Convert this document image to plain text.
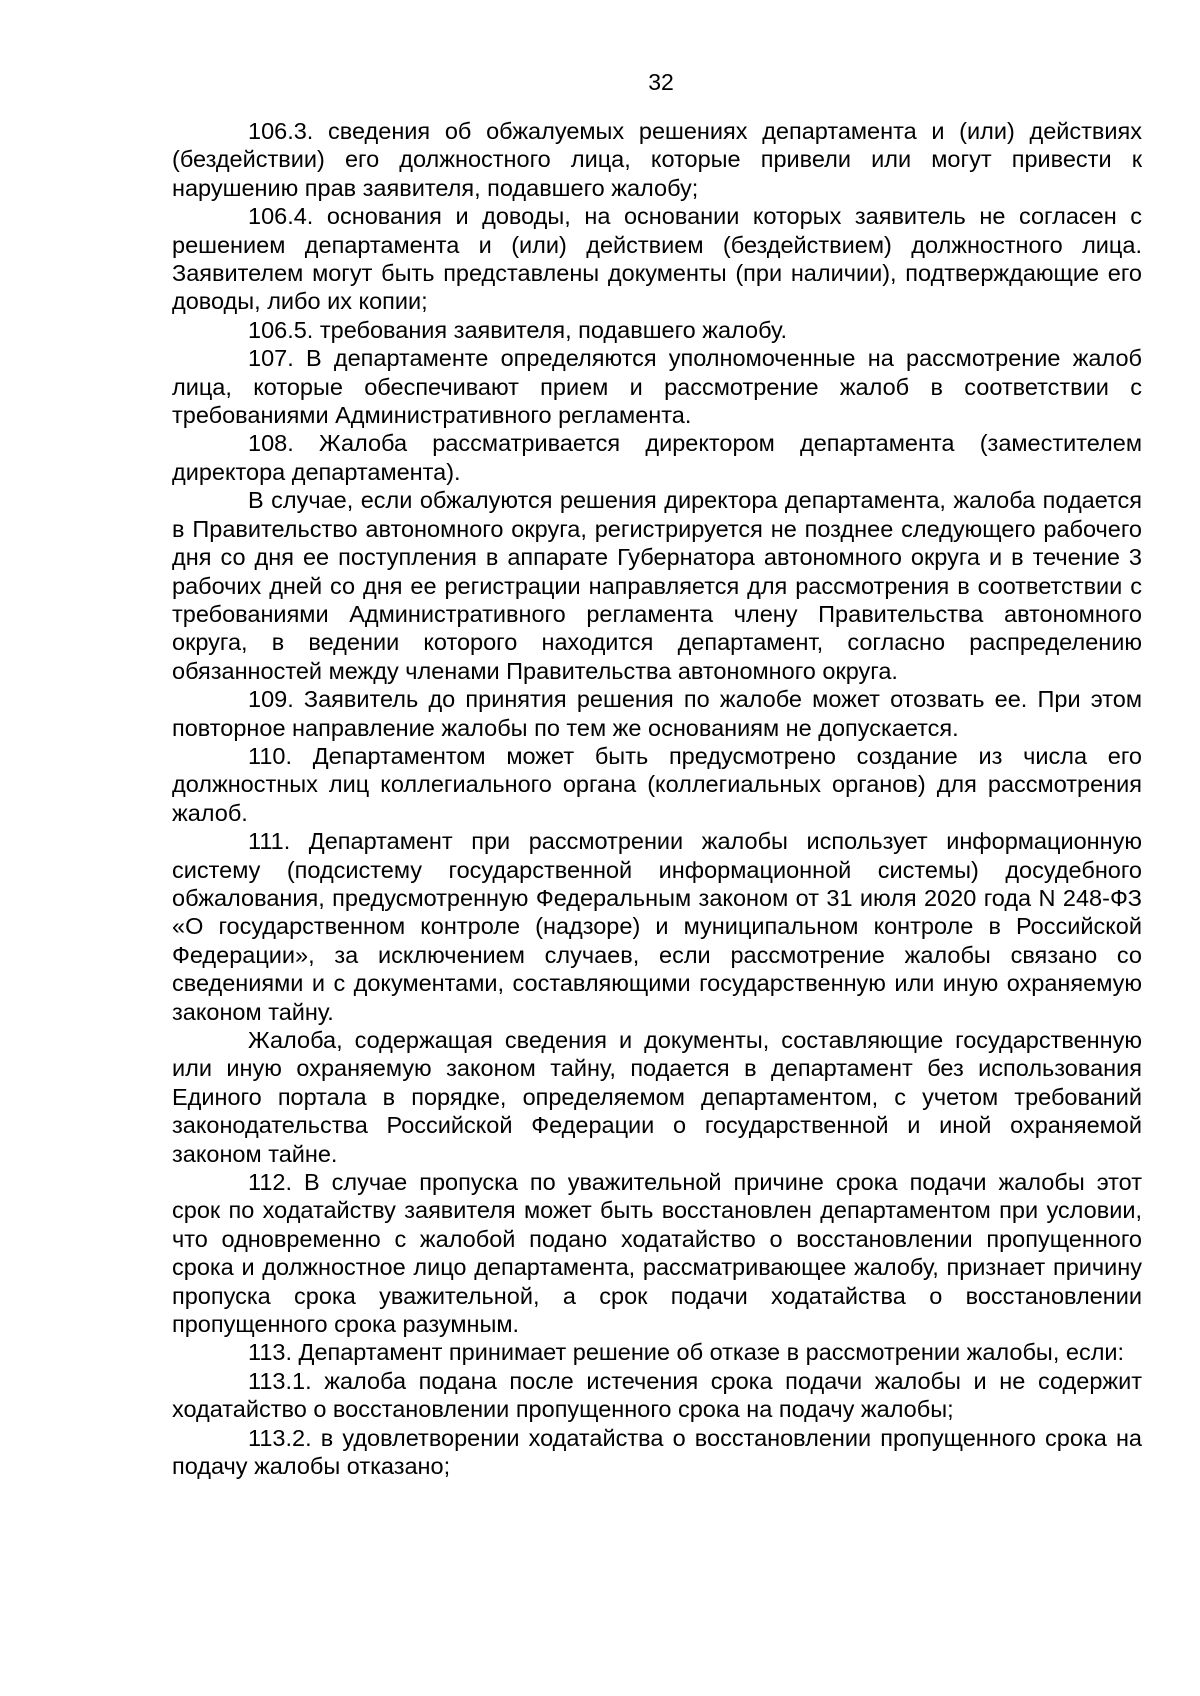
32

106.3. сведения об обжалуемых решениях департамента и (или) действиях (бездействии) его должностного лица, которые привели или могут привести к нарушению прав заявителя, подавшего жалобу;

106.4. основания и доводы, на основании которых заявитель не согласен с решением департамента и (или) действием (бездействием) должностного лица. Заявителем могут быть представлены документы (при наличии), подтверждающие его доводы, либо их копии;

106.5. требования заявителя, подавшего жалобу.

107. В департаменте определяются уполномоченные на рассмотрение жалоб лица, которые обеспечивают прием и рассмотрение жалоб в соответствии с требованиями Административного регламента.

108. Жалоба рассматривается директором департамента (заместителем директора департамента).

В случае, если обжалуются решения директора департамента, жалоба подается в Правительство автономного округа, регистрируется не позднее следующего рабочего дня со дня ее поступления в аппарате Губернатора автономного округа и в течение 3 рабочих дней со дня ее регистрации направляется для рассмотрения в соответствии с требованиями Административного регламента члену Правительства автономного округа, в ведении которого находится департамент, согласно распределению обязанностей между членами Правительства автономного округа.

109. Заявитель до принятия решения по жалобе может отозвать ее. При этом повторное направление жалобы по тем же основаниям не допускается.

110. Департаментом может быть предусмотрено создание из числа его должностных лиц коллегиального органа (коллегиальных органов) для рассмотрения жалоб.

111. Департамент при рассмотрении жалобы использует информационную систему (подсистему государственной информационной системы) досудебного обжалования, предусмотренную Федеральным законом от 31 июля 2020 года N 248-ФЗ «О государственном контроле (надзоре) и муниципальном контроле в Российской Федерации», за исключением случаев, если рассмотрение жалобы связано со сведениями и с документами, составляющими государственную или иную охраняемую законом тайну.

Жалоба, содержащая сведения и документы, составляющие государственную или иную охраняемую законом тайну, подается в департамент без использования Единого портала в порядке, определяемом департаментом, с учетом требований законодательства Российской Федерации о государственной и иной охраняемой законом тайне.

112. В случае пропуска по уважительной причине срока подачи жалобы этот срок по ходатайству заявителя может быть восстановлен департаментом при условии, что одновременно с жалобой подано ходатайство о восстановлении пропущенного срока и должностное лицо департамента, рассматривающее жалобу, признает причину пропуска срока уважительной, а срок подачи ходатайства о восстановлении пропущенного срока разумным.

113. Департамент принимает решение об отказе в рассмотрении жалобы, если:

113.1. жалоба подана после истечения срока подачи жалобы и не содержит ходатайство о восстановлении пропущенного срока на подачу жалобы;

113.2. в удовлетворении ходатайства о восстановлении пропущенного срока на подачу жалобы отказано;
